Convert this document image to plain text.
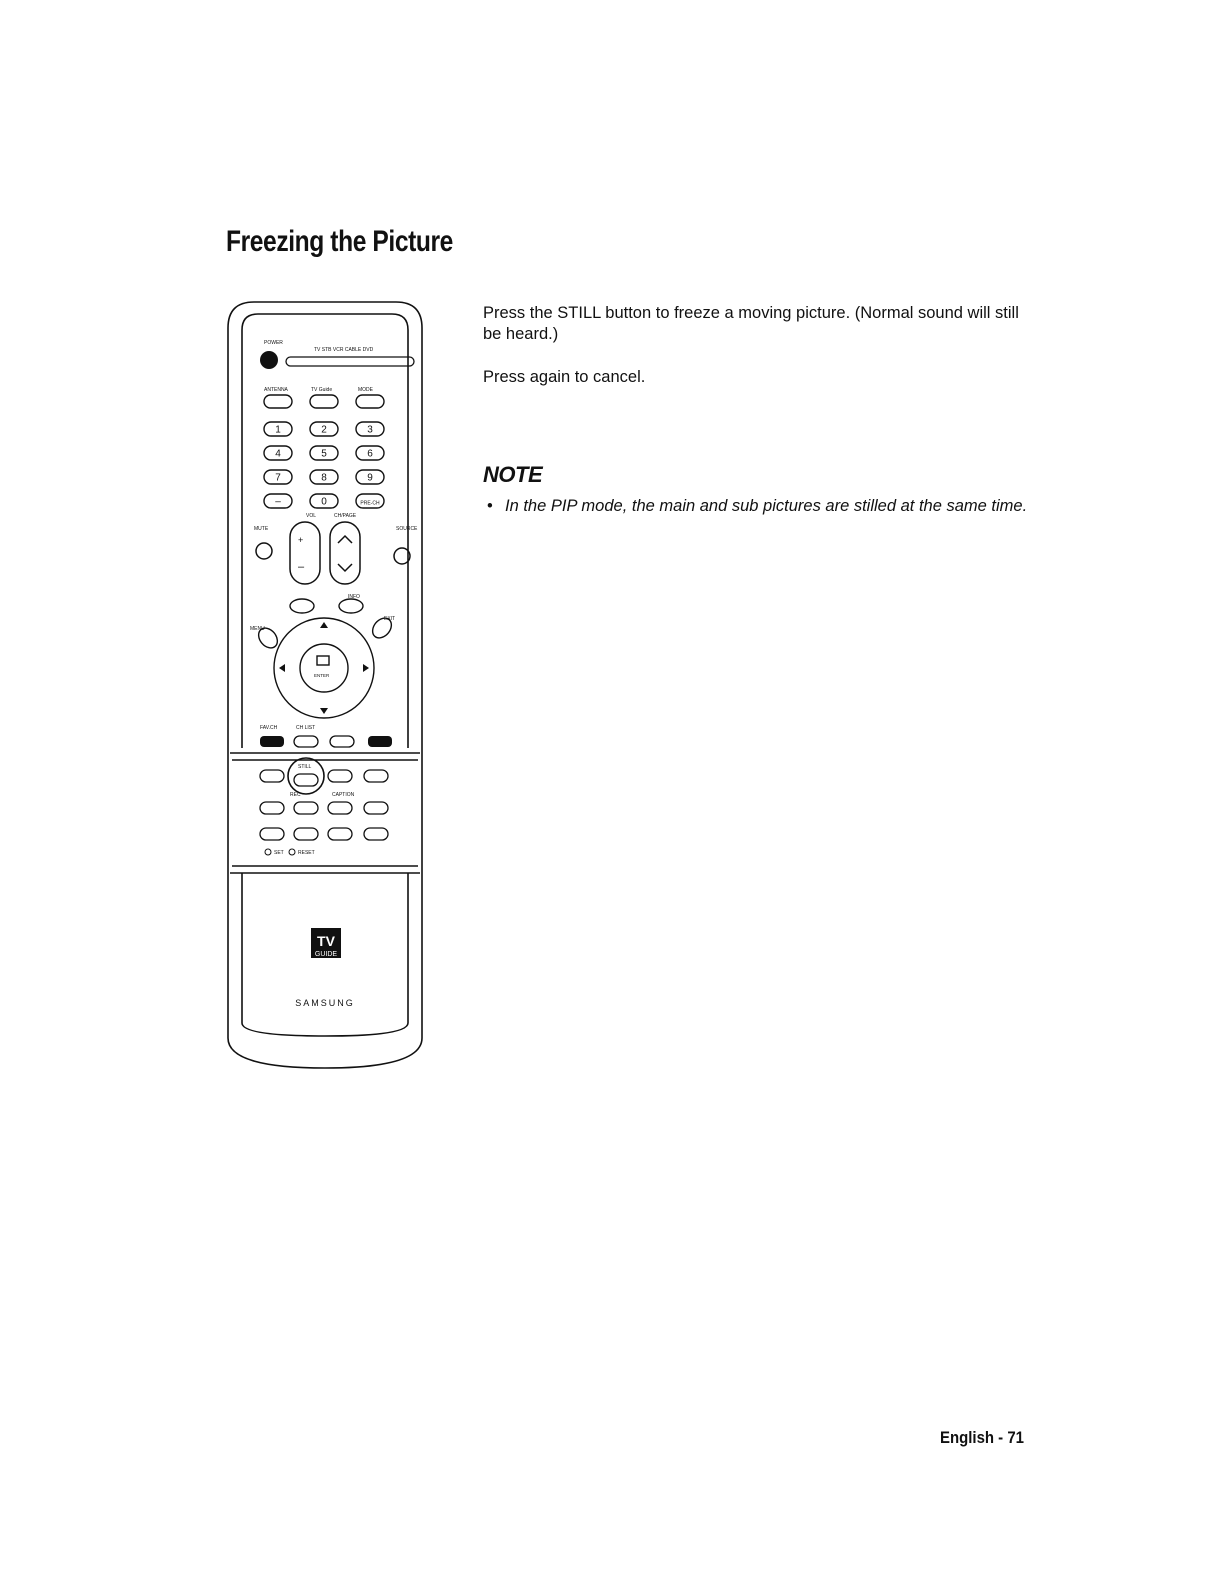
Freezing the Picture
POWER
TV STB VCR CABLE DVD
ANTENNA	TV Guide	MODE
1	2	3
4	5	6
7	8	9
–	0	PRE-CH
VOL	CH/PAGE
MUTE	SOURCE
+
–
INFO
MENU
EXIT
ENTER
FAV.CH	CH LIST
STILL
REC	CAPTION
SET	RESET
TV
GUIDE
SAMSUNG

Press the STILL button to freeze a moving picture. (Normal sound will still be heard.)

Press again to cancel.

NOTE
• In the PIP mode, the main and sub pictures are stilled at the same time.
English - 71
